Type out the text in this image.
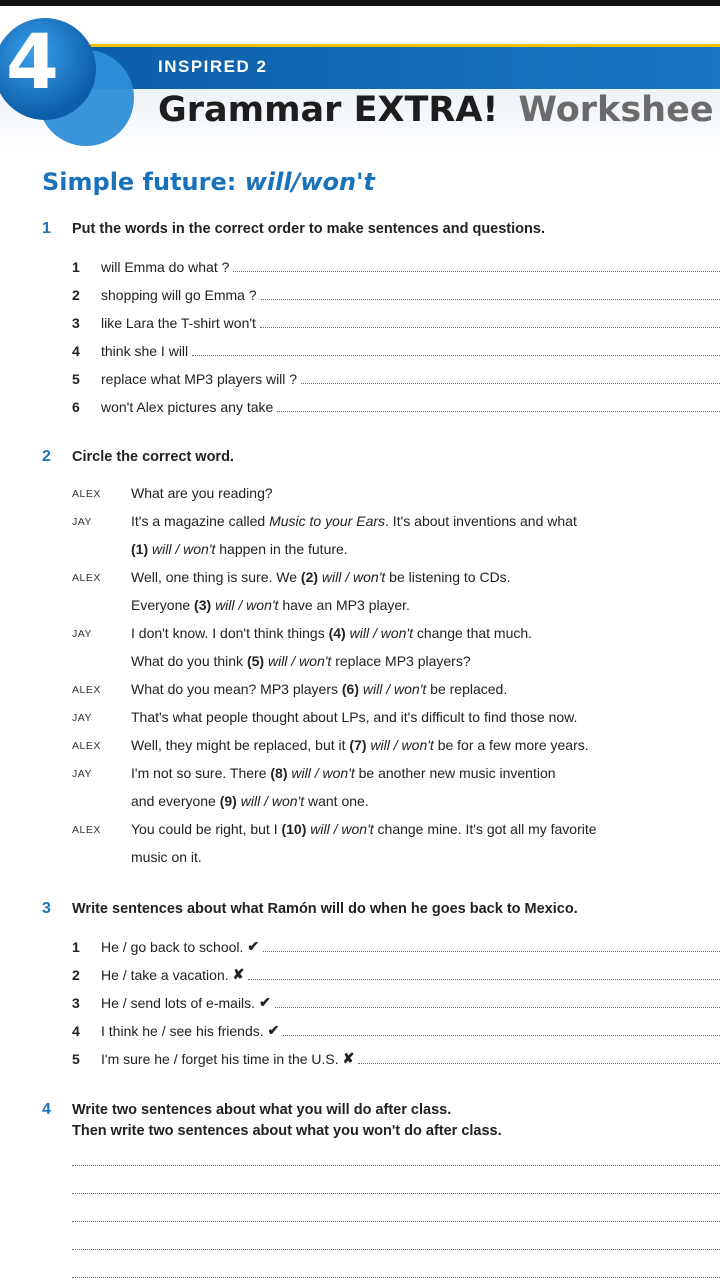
4	INSPIRED 2
Grammar EXTRA! Workshee
Simple future: will/won't
1 Put the words in the correct order to make sentences and questions.
1	will Emma do what ?
2	shopping will go Emma ?
3	like Lara the T-shirt won't
4	think she I will
5	replace what MP3 players will ?
6	won't Alex pictures any take
2 Circle the correct word.
ALEX What are you reading?
JAY	It's a magazine called Music to your Ears. It's about inventions and what
(1) will / won't happen in the future.
ALEX Well, one thing is sure. We (2) will / won't be listening to CDs.
Everyone (3) will / won't have an MP3 player.
JAY	I don't know. I don't think things (4) will / won't change that much.
What do you think (5) will / won't replace MP3 players?
ALEX What do you mean? MP3 players (6) will / won't be replaced.
JAY	That's what people thought about LPs, and it's difficult to find those now.
ALEX Well, they might be replaced, but it (7) will / won't be for a few more years.
JAY	I'm not so sure. There (8) will / won't be another new music invention
and everyone (9) will / won't want one.
ALEX You could be right, but I (10) will / won't change mine. It's got all my favorite
music on it.
3 Write sentences about what Ramón will do when he goes back to Mexico.
1	He / go back to school. ✔
2	He / take a vacation. ✘
3	He / send lots of e-mails. ✔
4	I think he / see his friends. ✔
5	I'm sure he / forget his time in the U.S. ✘
4 Write two sentences about what you will do after class.
Then write two sentences about what you won't do after class.
